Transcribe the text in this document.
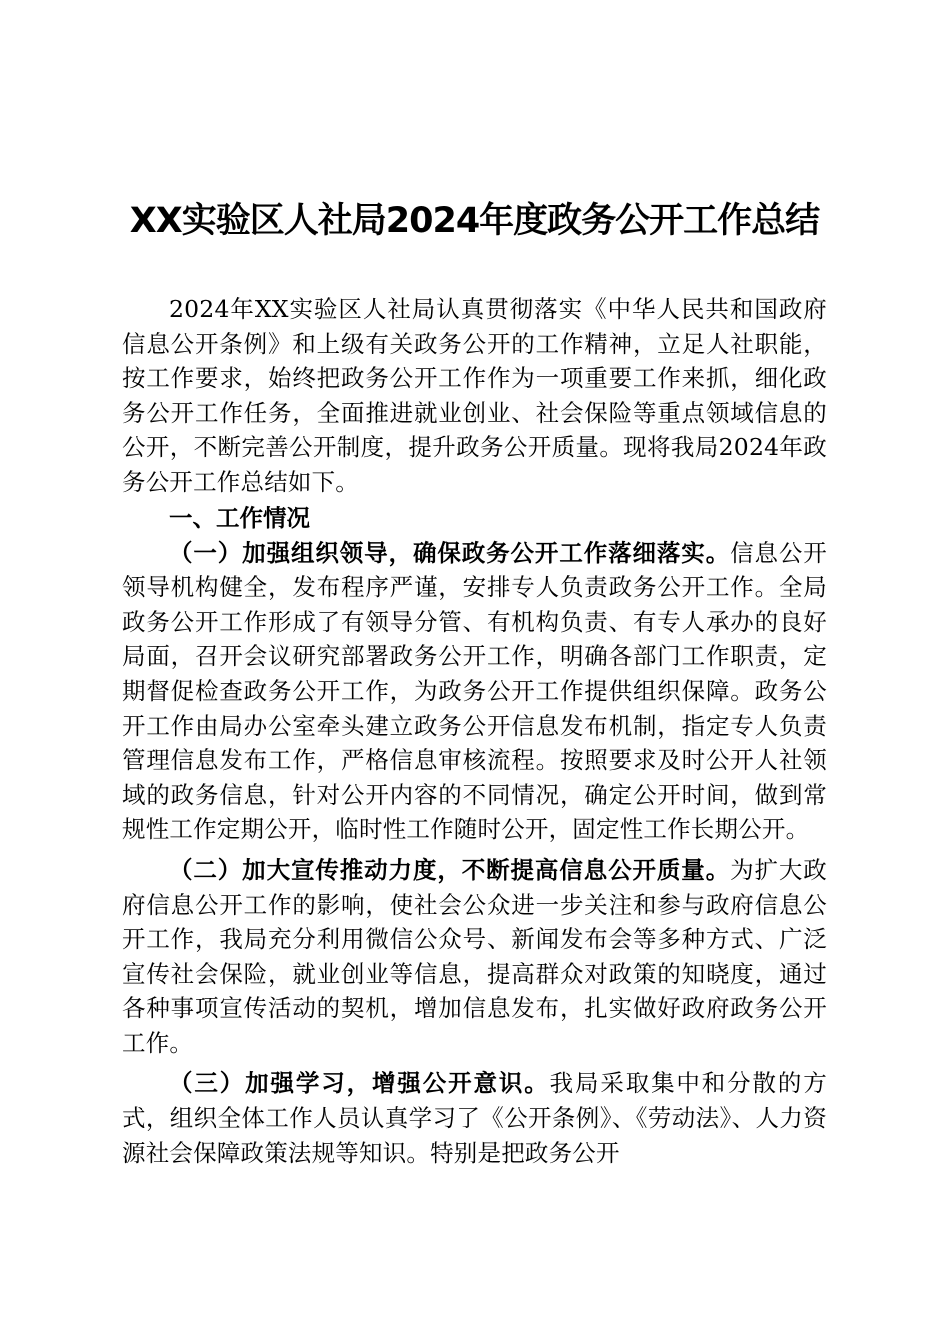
XX实验区人社局2024年度政务公开工作总结

2024年XX实验区人社局认真贯彻落实《中华人民共和国政府信息公开条例》和上级有关政务公开的工作精神，立足人社职能，按工作要求，始终把政务公开工作作为一项重要工作来抓，细化政务公开工作任务，全面推进就业创业、社会保险等重点领域信息的公开，不断完善公开制度，提升政务公开质量。现将我局2024年政务公开工作总结如下。

一、工作情况

（一）加强组织领导，确保政务公开工作落细落实。信息公开领导机构健全，发布程序严谨，安排专人负责政务公开工作。全局政务公开工作形成了有领导分管、有机构负责、有专人承办的良好局面，召开会议研究部署政务公开工作，明确各部门工作职责，定期督促检查政务公开工作，为政务公开工作提供组织保障。政务公开工作由局办公室牵头建立政务公开信息发布机制，指定专人负责管理信息发布工作，严格信息审核流程。按照要求及时公开人社领域的政务信息，针对公开内容的不同情况，确定公开时间，做到常规性工作定期公开，临时性工作随时公开，固定性工作长期公开。

（二）加大宣传推动力度，不断提高信息公开质量。为扩大政府信息公开工作的影响，使社会公众进一步关注和参与政府信息公开工作，我局充分利用微信公众号、新闻发布会等多种方式、广泛宣传社会保险，就业创业等信息，提高群众对政策的知晓度，通过各种事项宣传活动的契机，增加信息发布，扎实做好政府政务公开工作。

（三）加强学习，增强公开意识。我局采取集中和分散的方式，组织全体工作人员认真学习了《公开条例》、《劳动法》、人力资源社会保障政策法规等知识。特别是把政务公开
